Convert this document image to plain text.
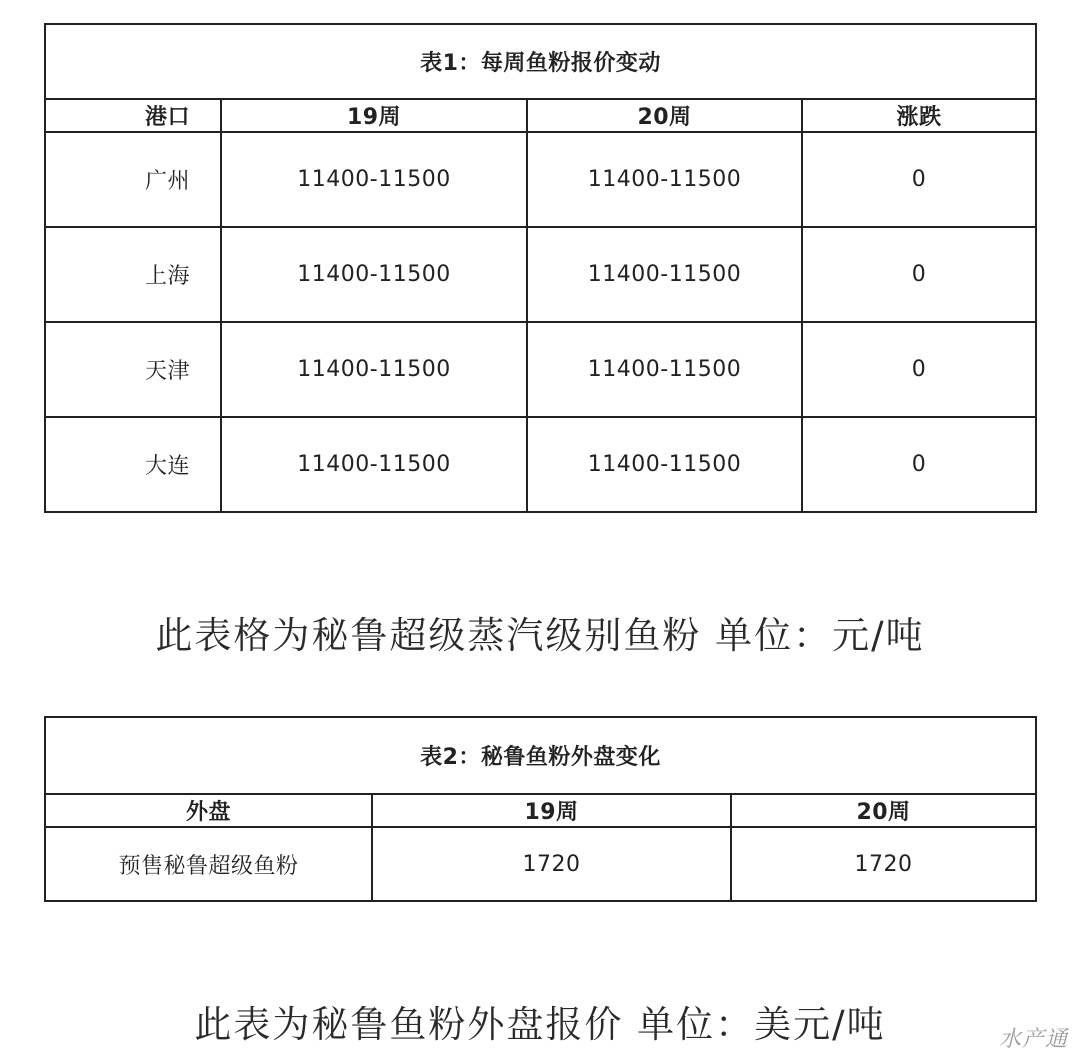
表1：每周鱼粉报价变动			
港口	19周	20周	涨跌
广州	11400-11500	11400-11500	0
上海	11400-11500	11400-11500	0
天津	11400-11500	11400-11500	0
大连	11400-11500	11400-11500	0
此表格为秘鲁超级蒸汽级别鱼粉 单位：元/吨
表2：秘鲁鱼粉外盘变化		
外盘	19周	20周
预售秘鲁超级鱼粉	1720	1720
此表为秘鲁鱼粉外盘报价 单位：美元/吨	水产通
